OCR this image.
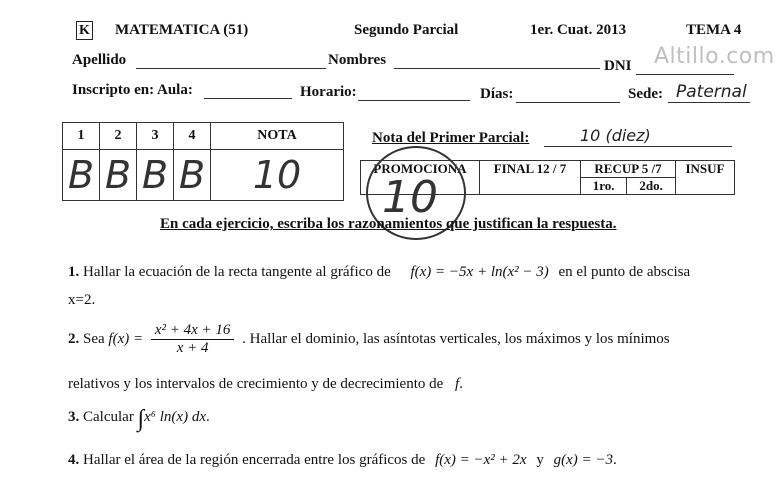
K MATEMATICA (51)	Segundo Parcial	1er. Cuat. 2013	TEMA 4
Altillo.com
Apellido	Nombres	DNI
Inscripto en: Aula:	Horario:	Días:	Sede: Paternal
1	2	3	4	NOTA
B	B	B	B	10
Nota del Primer Parcial:	10 (diez)
PROMOCIONA	FINAL 12 / 7	RECUP 5 /7		INSUF
		1ro.	2do.	
10
En cada ejercicio, escriba los razonamientos que justifican la respuesta.
1. Hallar la ecuación de la recta tangente al gráfico de f(x) = −5x + ln(x² − 3) en el punto de abscisa
x=2.
2. Sea $f(x) = \frac{\text{x² + 4x + 16}}{x + 4}$ . Hallar el dominio, las asíntotas verticales, los máximos y los mínimos
relativos y los intervalos de crecimiento y de decrecimiento de f.
3. Calcular ∫x⁶ ln(x) dx.
4. Hallar el área de la región encerrada entre los gráficos de f(x) = −x² + 2x y g(x) = −3.
